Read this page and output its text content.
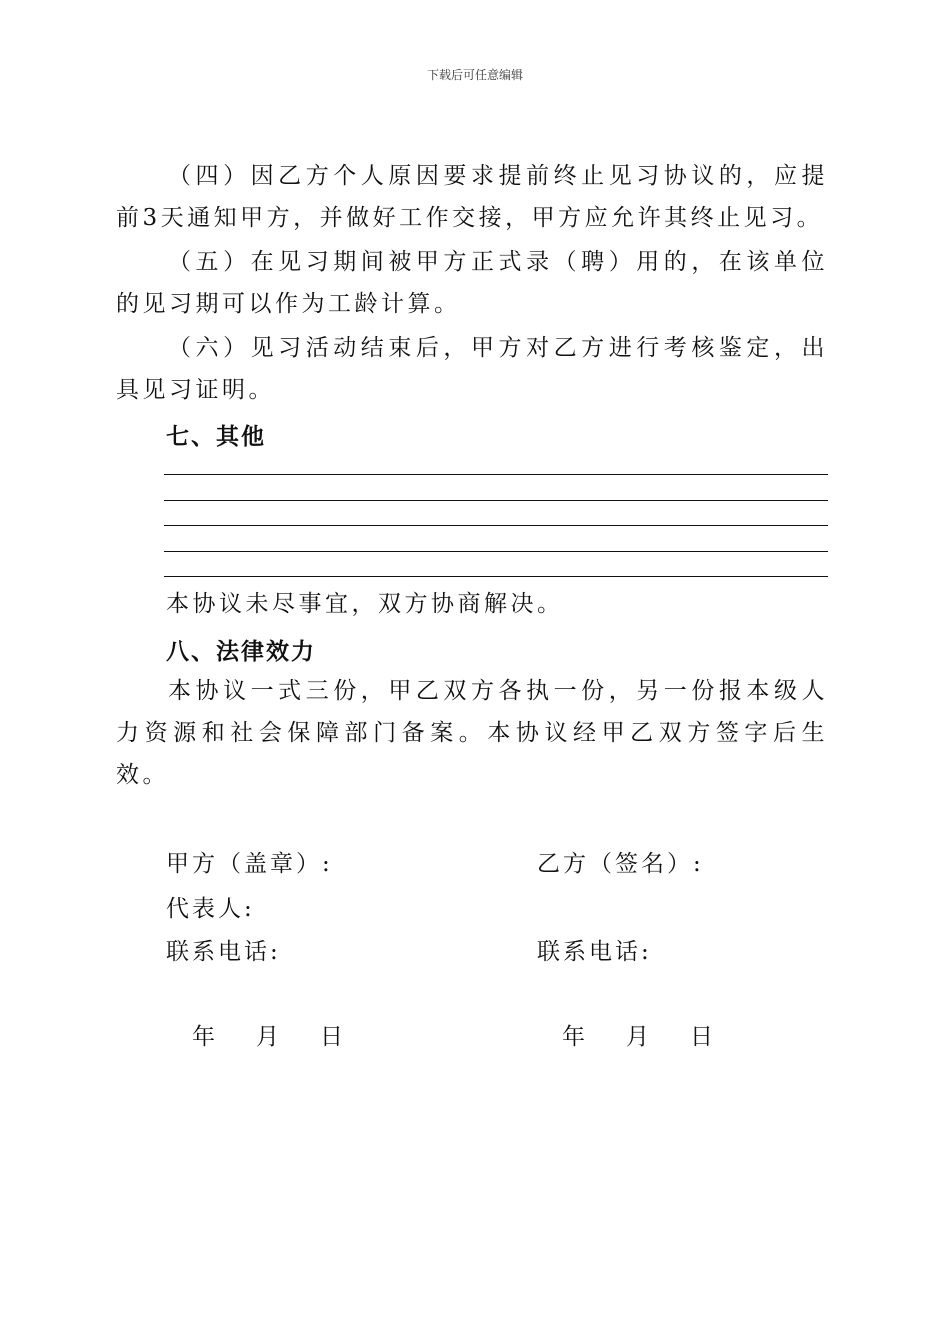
下载后可任意编辑

（四）因乙方个人原因要求提前终止见习协议的，应提前3天通知甲方，并做好工作交接，甲方应允许其终止见习。

（五）在见习期间被甲方正式录（聘）用的，在该单位的见习期可以作为工龄计算。

（六）见习活动结束后，甲方对乙方进行考核鉴定，出具见习证明。

七、其他

本协议未尽事宜，双方协商解决。

八、法律效力

本协议一式三份，甲乙双方各执一份，另一份报本级人力资源和社会保障部门备案。本协议经甲乙双方签字后生效。

甲方（盖章）:
代表人:
联系电话:
年 月 日
乙方（签名）:
联系电话:
年 月 日
